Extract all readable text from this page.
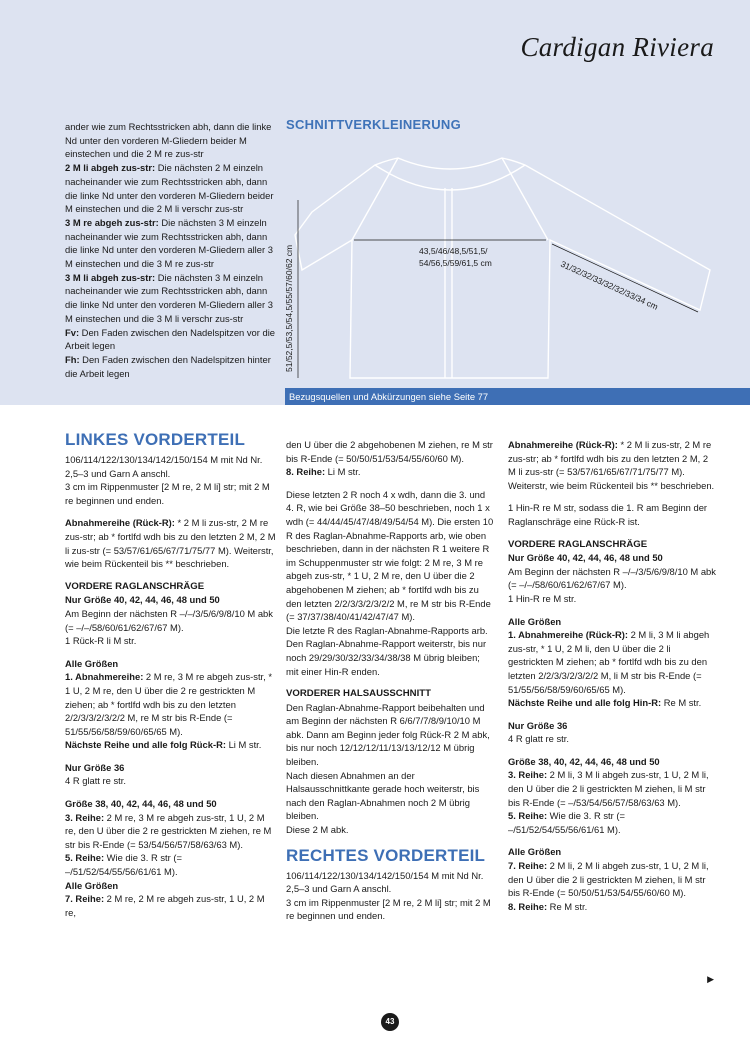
Cardigan Riviera

ander wie zum Rechtsstricken abh, dann die linke Nd unter den vorderen M-Gliedern beider M einstechen und die 2 M re zus-str

2 M li abgeh zus-str: Die nächsten 2 M einzeln nacheinander wie zum Rechtsstricken abh, dann die linke Nd unter den vorderen M-Gliedern beider M einstechen und die 2 M li verschr zus-str

3 M re abgeh zus-str: Die nächsten 3 M einzeln nacheinander wie zum Rechtsstricken abh, dann die linke Nd unter den vorderen M-Gliedern aller 3 M einstechen und die 3 M re zus-str

3 M li abgeh zus-str: Die nächsten 3 M einzeln nacheinander wie zum Rechtsstricken abh, dann die linke Nd unter den vorderen M-Gliedern aller 3 M einstechen und die 3 M li verschr zus-str

Fv: Den Faden zwischen den Nadelspitzen vor die Arbeit legen

Fh: Den Faden zwischen den Nadelspitzen hinter die Arbeit legen

SCHNITTVERKLEINERUNG
51/52,5/53,5/54,5/55/57/60/62 cm	43,5/46/48,5/51,5/
54/56,5/59/61,5 cm	31/32/32/33/32/32/33/34 cm
Bezugsquellen und Abkürzungen siehe Seite 77

LINKES VORDERTEIL

106/114/122/130/134/142/150/154 M mit Nd Nr. 2,5–3 und Garn A anschl.

3 cm im Rippenmuster [2 M re, 2 M li] str; mit 2 M re beginnen und enden.

Abnahmereihe (Rück-R): * 2 M li zus-str, 2 M re zus-str; ab * fortlfd wdh bis zu den letzten 2 M, 2 M li zus-str (= 53/57/61/65/67/71/75/77 M). Weiterstr, wie beim Rückenteil bis ** beschrieben.

VORDERE RAGLANSCHRÄGE

Nur Größe 40, 42, 44, 46, 48 und 50

Am Beginn der nächsten R –/–/3/5/6/9/8/10 M abk (= –/–/58/60/61/62/67/67 M).

1 Rück-R li M str.

Alle Größen

1. Abnahmereihe: 2 M re, 3 M re abgeh zus-str, * 1 U, 2 M re, den U über die 2 re gestrickten M ziehen; ab * fortlfd wdh bis zu den letzten 2/2/3/3/2/3/2/2 M, re M str bis R-Ende (= 51/55/56/58/59/60/65/65 M).

Nächste Reihe und alle folg Rück-R: Li M str.

Nur Größe 36

4 R glatt re str.

Größe 38, 40, 42, 44, 46, 48 und 50

3. Reihe: 2 M re, 3 M re abgeh zus-str, 1 U, 2 M re, den U über die 2 re gestrickten M ziehen, re M str bis R-Ende (= 53/54/56/57/58/63/63 M).

5. Reihe: Wie die 3. R str (= –/51/52/54/55/56/61/61 M).

Alle Größen

7. Reihe: 2 M re, 2 M re abgeh zus-str, 1 U, 2 M re,

den U über die 2 abgehobenen M ziehen, re M str bis R-Ende (= 50/50/51/53/54/55/60/60 M).

8. Reihe: Li M str.

Diese letzten 2 R noch 4 x wdh, dann die 3. und 4. R, wie bei Größe 38–50 beschrieben, noch 1 x wdh (= 44/44/45/47/48/49/54/54 M). Die ersten 10 R des Raglan-Abnahme-Rapports arb, wie oben beschrieben, dann in der nächsten R 1 weitere R im Schuppenmuster str wie folgt: 2 M re, 3 M re abgeh zus-str, * 1 U, 2 M re, den U über die 2 abgehobenen M ziehen; ab * fortlfd wdh bis zu den letzten 2/2/3/3/2/3/2/2 M, re M str bis R-Ende (= 37/37/38/40/41/42/47/47 M).

Die letzte R des Raglan-Abnahme-Rapports arb.

Den Raglan-Abnahme-Rapport weiterstr, bis nur noch 29/29/30/32/33/34/38/38 M übrig bleiben; mit einer Hin-R enden.

VORDERER HALSAUSSCHNITT

Den Raglan-Abnahme-Rapport beibehalten und am Beginn der nächsten R 6/6/7/7/8/9/10/10 M abk. Dann am Beginn jeder folg Rück-R 2 M abk, bis nur noch 12/12/12/11/13/13/12/12 M übrig bleiben.

Nach diesen Abnahmen an der Halsausschnittkante gerade hoch weiterstr, bis nach den Raglan-Abnahmen noch 2 M übrig bleiben.

Diese 2 M abk.

RECHTES VORDERTEIL

106/114/122/130/134/142/150/154 M mit Nd Nr. 2,5–3 und Garn A anschl.

3 cm im Rippenmuster [2 M re, 2 M li] str; mit 2 M re beginnen und enden.

Abnahmereihe (Rück-R): * 2 M li zus-str, 2 M re zus-str; ab * fortlfd wdh bis zu den letzten 2 M, 2 M li zus-str (= 53/57/61/65/67/71/75/77 M). Weiterstr, wie beim Rückenteil bis ** beschrieben.

1 Hin-R re M str, sodass die 1. R am Beginn der Raglanschräge eine Rück-R ist.

VORDERE RAGLANSCHRÄGE

Nur Größe 40, 42, 44, 46, 48 und 50

Am Beginn der nächsten R –/–/3/5/6/9/8/10 M abk (= –/–/58/60/61/62/67/67 M).

1 Hin-R re M str.

Alle Größen

1. Abnahmereihe (Rück-R): 2 M li, 3 M li abgeh zus-str, * 1 U, 2 M li, den U über die 2 li gestrickten M ziehen; ab * fortlfd wdh bis zu den letzten 2/2/3/3/2/3/2/2 M, li M str bis R-Ende (= 51/55/56/58/59/60/65/65 M).

Nächste Reihe und alle folg Hin-R: Re M str.

Nur Größe 36

4 R glatt re str.

Größe 38, 40, 42, 44, 46, 48 und 50

3. Reihe: 2 M li, 3 M li abgeh zus-str, 1 U, 2 M li, den U über die 2 li gestrickten M ziehen, li M str bis R-Ende (= –/53/54/56/57/58/63/63 M).

5. Reihe: Wie die 3. R str (= –/51/52/54/55/56/61/61 M).

Alle Größen

7. Reihe: 2 M li, 2 M li abgeh zus-str, 1 U, 2 M li, den U über die 2 li gestrickten M ziehen, li M str bis R-Ende (= 50/50/51/53/54/55/60/60 M).

8. Reihe: Re M str.

▶
43
